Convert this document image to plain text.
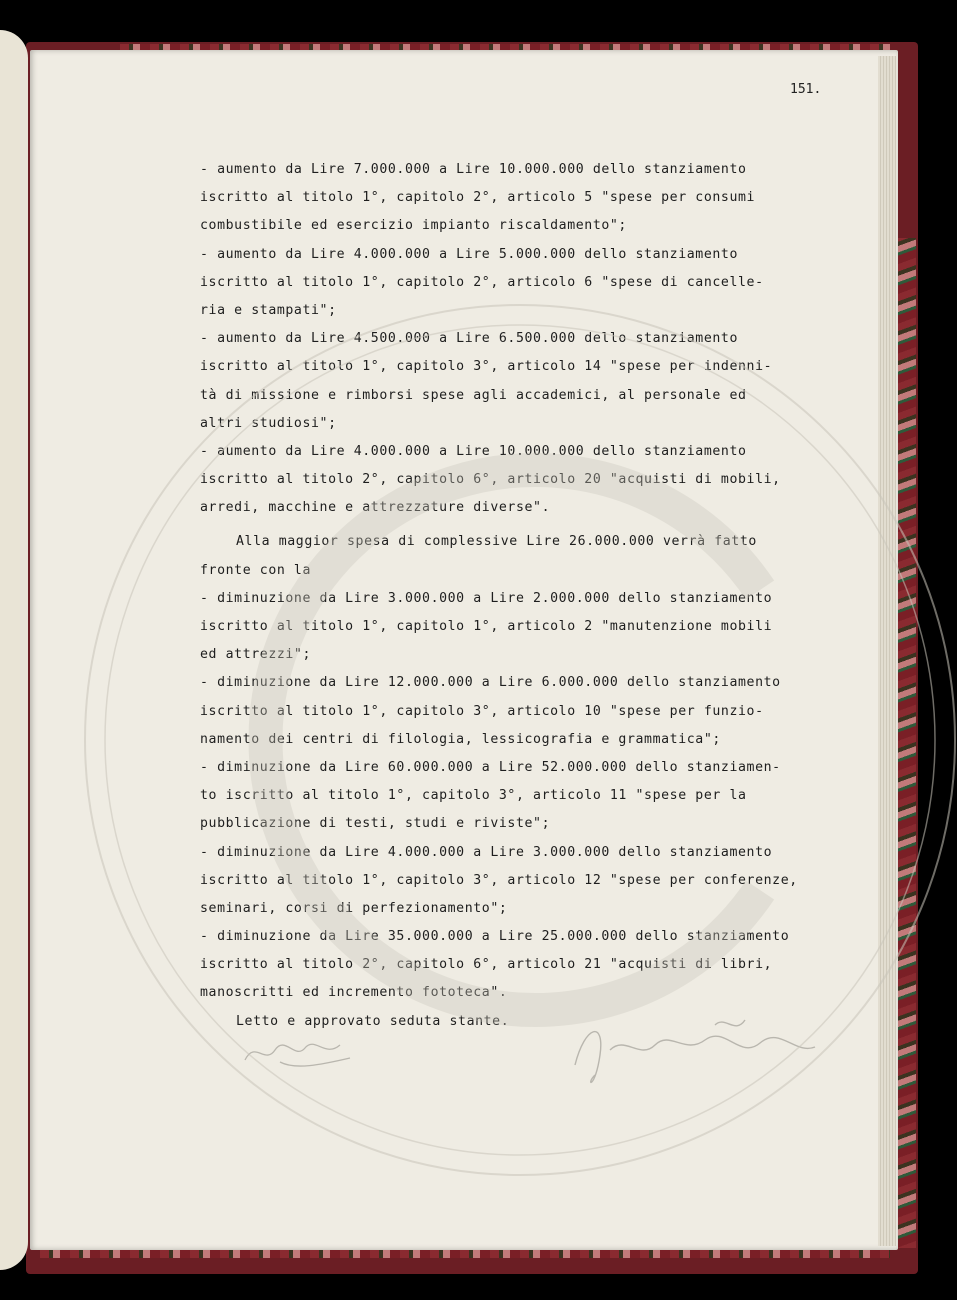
151.
- aumento da Lire 7.000.000 a Lire 10.000.000 dello stanziamento
iscritto al titolo 1°, capitolo 2°, articolo 5 "spese per consumi
combustibile ed esercizio impianto riscaldamento";
- aumento da Lire 4.000.000 a Lire 5.000.000 dello stanziamento
iscritto al titolo 1°, capitolo 2°, articolo 6 "spese di cancelle-
ria e stampati";
- aumento da Lire 4.500.000 a Lire 6.500.000 dello stanziamento
iscritto al titolo 1°, capitolo 3°, articolo 14 "spese per indenni-
tà di missione e rimborsi spese agli accademici, al personale ed
altri studiosi";
- aumento da Lire 4.000.000 a Lire 10.000.000 dello stanziamento
iscritto al titolo 2°, capitolo 6°, articolo 20 "acquisti di mobili,
arredi, macchine e attrezzature diverse".
Alla maggior spesa di complessive Lire 26.000.000 verrà fatto
fronte con la
- diminuzione da Lire 3.000.000 a Lire 2.000.000 dello stanziamento
iscritto al titolo 1°, capitolo 1°, articolo 2 "manutenzione mobili
ed attrezzi";
- diminuzione da Lire 12.000.000 a Lire 6.000.000 dello stanziamento
iscritto al titolo 1°, capitolo 3°, articolo 10 "spese per funzio-
namento dei centri di filologia, lessicografia e grammatica";
- diminuzione da Lire 60.000.000 a Lire 52.000.000 dello stanziamen-
to iscritto al titolo 1°, capitolo 3°, articolo 11 "spese per la
pubblicazione di testi, studi e riviste";
- diminuzione da Lire 4.000.000 a Lire 3.000.000 dello stanziamento
iscritto al titolo 1°, capitolo 3°, articolo 12 "spese per conferenze,
seminari, corsi di perfezionamento";
- diminuzione da Lire 35.000.000 a Lire 25.000.000 dello stanziamento
iscritto al titolo 2°, capitolo 6°, articolo 21 "acquisti di libri,
manoscritti ed incremento fototeca".
Letto e approvato seduta stante.
